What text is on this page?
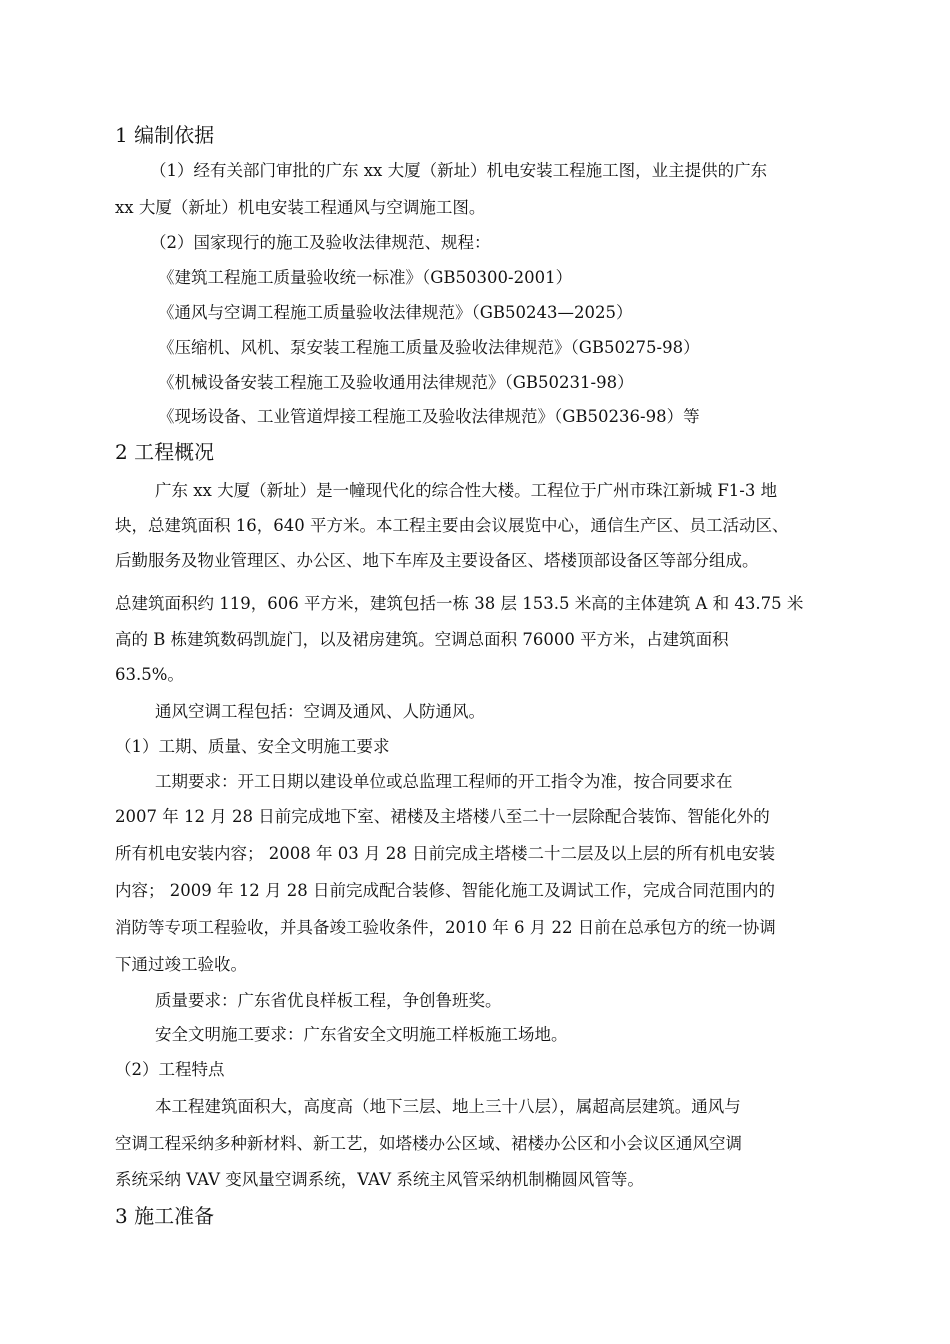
1 编制依据

（1）经有关部门审批的广东 xx 大厦（新址）机电安装工程施工图，业主提供的广东

xx 大厦（新址）机电安装工程通风与空调施工图。

（2）国家现行的施工及验收法律规范、规程：

《建筑工程施工质量验收统一标准》（GB50300-2001）

《通风与空调工程施工质量验收法律规范》（GB50243—2025）

《压缩机、风机、泵安装工程施工质量及验收法律规范》（GB50275-98）

《机械设备安装工程施工及验收通用法律规范》（GB50231-98）

《现场设备、工业管道焊接工程施工及验收法律规范》（GB50236-98）等

2 工程概况

广东 xx 大厦（新址）是一幢现代化的综合性大楼。工程位于广州市珠江新城 F1-3 地

块，总建筑面积 16，640 平方米。本工程主要由会议展览中心，通信生产区、员工活动区、

后勤服务及物业管理区、办公区、地下车库及主要设备区、塔楼顶部设备区等部分组成。

总建筑面积约 119，606 平方米，建筑包括一栋 38 层 153.5 米高的主体建筑 A 和 43.75 米

高的 B 栋建筑数码凯旋门，以及裙房建筑。空调总面积 76000 平方米，占建筑面积

63.5%。

通风空调工程包括：空调及通风、人防通风。

（1）工期、质量、安全文明施工要求

工期要求：开工日期以建设单位或总监理工程师的开工指令为准，按合同要求在

2007 年 12 月 28 日前完成地下室、裙楼及主塔楼八至二十一层除配合装饰、智能化外的

所有机电安装内容； 2008 年 03 月 28 日前完成主塔楼二十二层及以上层的所有机电安装

内容； 2009 年 12 月 28 日前完成配合装修、智能化施工及调试工作，完成合同范围内的

消防等专项工程验收，并具备竣工验收条件，2010 年 6 月 22 日前在总承包方的统一协调

下通过竣工验收。

质量要求：广东省优良样板工程，争创鲁班奖。

安全文明施工要求：广东省安全文明施工样板施工场地。

（2）工程特点

本工程建筑面积大，高度高（地下三层、地上三十八层），属超高层建筑。通风与

空调工程采纳多种新材料、新工艺，如塔楼办公区域、裙楼办公区和小会议区通风空调

系统采纳 VAV 变风量空调系统，VAV 系统主风管采纳机制椭圆风管等。

3 施工准备
